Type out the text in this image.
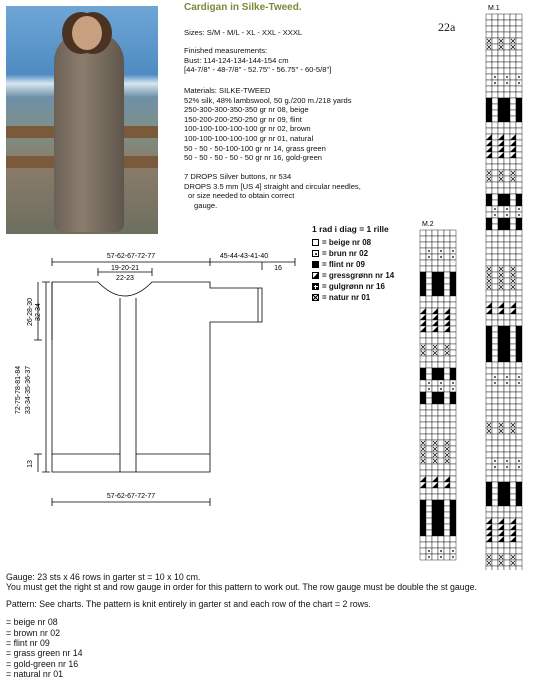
Cardigan in Silke-Tweed.
22a
Sizes: S/M - M/L - XL - XXL - XXXL
Finished measurements:
Bust: 114-124-134-144-154 cm
[44-7/8" - 48-7/8" - 52.75" - 56.75" - 60-5/8"]
Materials: SILKE-TWEED
52% silk, 48% lambswool, 50 g./200 m./218 yards
250-300-300-350-350 gr nr 08, beige
150-200-200-250-250 gr nr 09, flint
100-100-100-100-100 gr nr 02, brown
100-100-100-100-100 gr nr 01, natural
50 - 50 - 50-100-100 gr nr 14, grass green
50 - 50 - 50 - 50 - 50 gr nr 16, gold-green
7 DROPS Silver buttons, nr 534
DROPS 3.5 mm [US 4] straight and circular needles,
or size needed to obtain correct
gauge.
1 rad i diag = 1 rille
= beige nr 08
= brun nr 02
= flint nr 09
= gressgrønn nr 14
= gulgrønn nr 16
= natur nr 01
M.1
M.2
57-62-67-72-77
19-20-21
22-23
45-44-43-41-40
16
26-28-30 32-34
72-75-78-81-84 33-34-35-36-37
13
57-62-67-72-77

Gauge: 23 sts x 46 rows in garter st = 10 x 10 cm.

You must get the right st and row gauge in order for this pattern to work out. The row gauge must be double the st gauge.

Pattern: See charts. The pattern is knit entirely in garter st and each row of the chart = 2 rows.

= beige nr 08
= brown nr 02
= flint nr 09
= grass green nr 14
= gold-green nr 16
= natural nr 01
